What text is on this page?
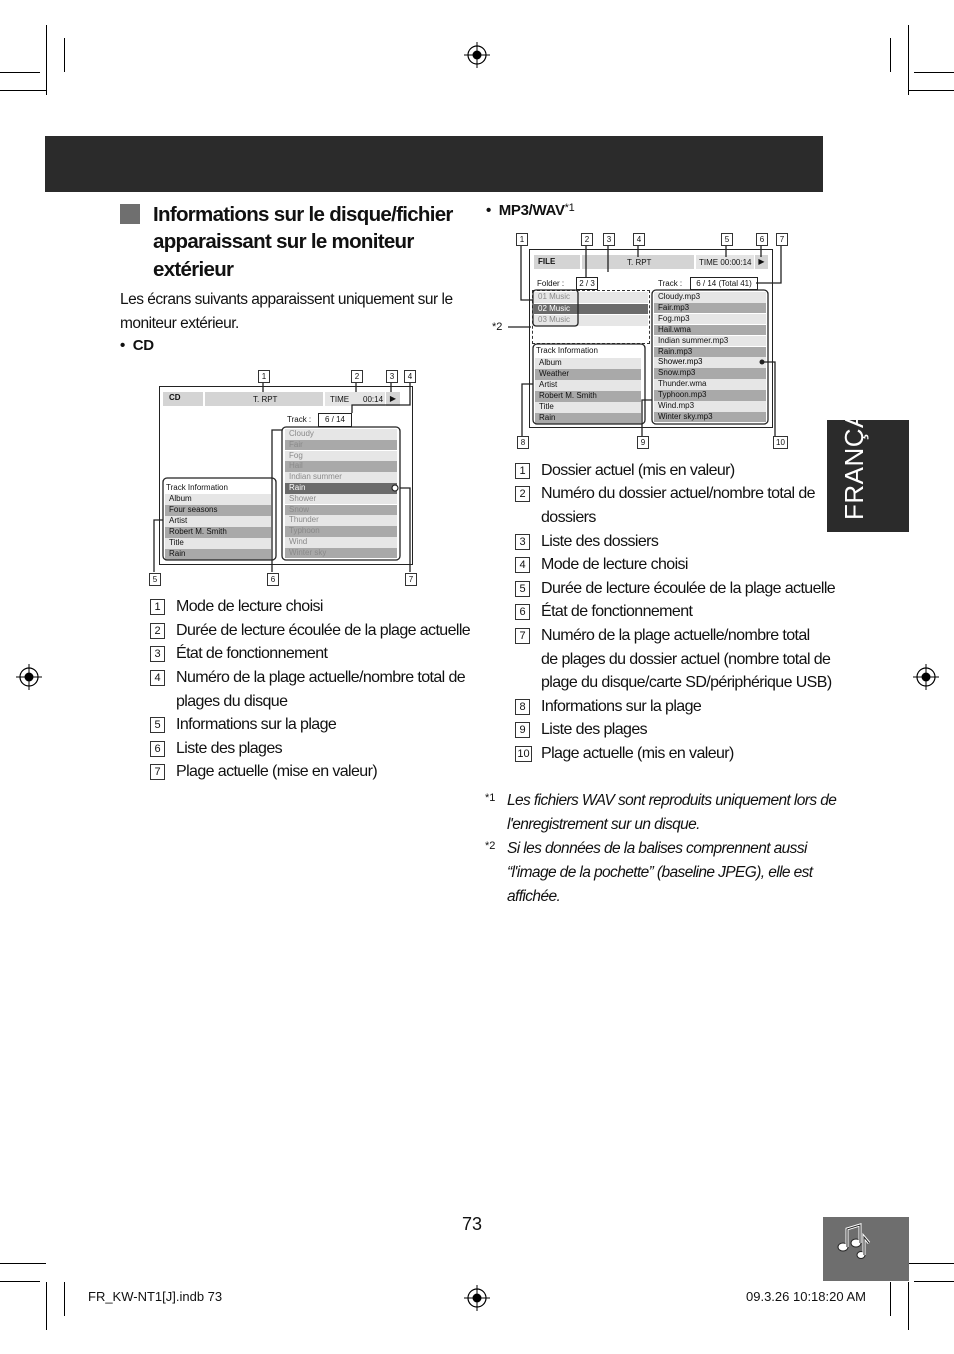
FRANÇAIS
Informations sur le disque/fichier
apparaissant sur le moniteur
extérieur
Les écrans suivants apparaissent uniquement sur le
moniteur extérieur.
•  CD
CD	T. RPT	TIME 00:14 ▶
Track :	6 / 14
Track Information
Album
Four seasons
Artist
Robert M. Smith
Title
Rain
Cloudy
Fair
Fog
Hail
Indian summer
Rain
Shower
Snow
Thunder
Typhoon
Wind
Winter sky
1 Mode de lecture choisi
2 Durée de lecture écoulée de la plage actuelle
3 État de fonctionnement
4 Numéro de la plage actuelle/nombre total de
plages du disque
5 Informations sur la plage
6 Liste des plages
7 Plage actuelle (mise en valeur)
•  MP3/WAV$^{*1}$
FILE	T. RPT	TIME 00:00:14 ▶
Folder :	2 / 3	Track :	6 / 14 (Total 41)
01 Music
02 Music
03 Music
Track Information
Album
Weather
Artist
Robert M. Smith
Title
Rain
Cloudy.mp3
Fair.mp3
Fog.mp3
Hail.wma
Indian summer.mp3
Rain.mp3
Shower.mp3
Snow.mp3
Thunder.wma
Typhoon.mp3
Wind.mp3
Winter sky.mp3
*2
1	2	3	4
5	6	7
1	2	3	4	5	6	7
8	9	10
1 Dossier actuel (mis en valeur)
2 Numéro du dossier actuel/nombre total de
dossiers
3 Liste des dossiers
4 Mode de lecture choisi
5 Durée de lecture écoulée de la plage actuelle
6 État de fonctionnement
7 Numéro de la plage actuelle/nombre total
de plages du dossier actuel (nombre total de
plage du disque/carte SD/périphérique USB)
8 Informations sur la plage
9 Liste des plages
10 Plage actuelle (mis en valeur)
*1 Les fichiers WAV sont reproduits uniquement lors de
l'enregistrement sur un disque.
*2 Si les données de la balises comprennent aussi
“l'image de la pochette” (baseline JPEG), elle est
affichée.
73
FR_KW-NT1[J].indb 73	09.3.26 10:18:20 AM
